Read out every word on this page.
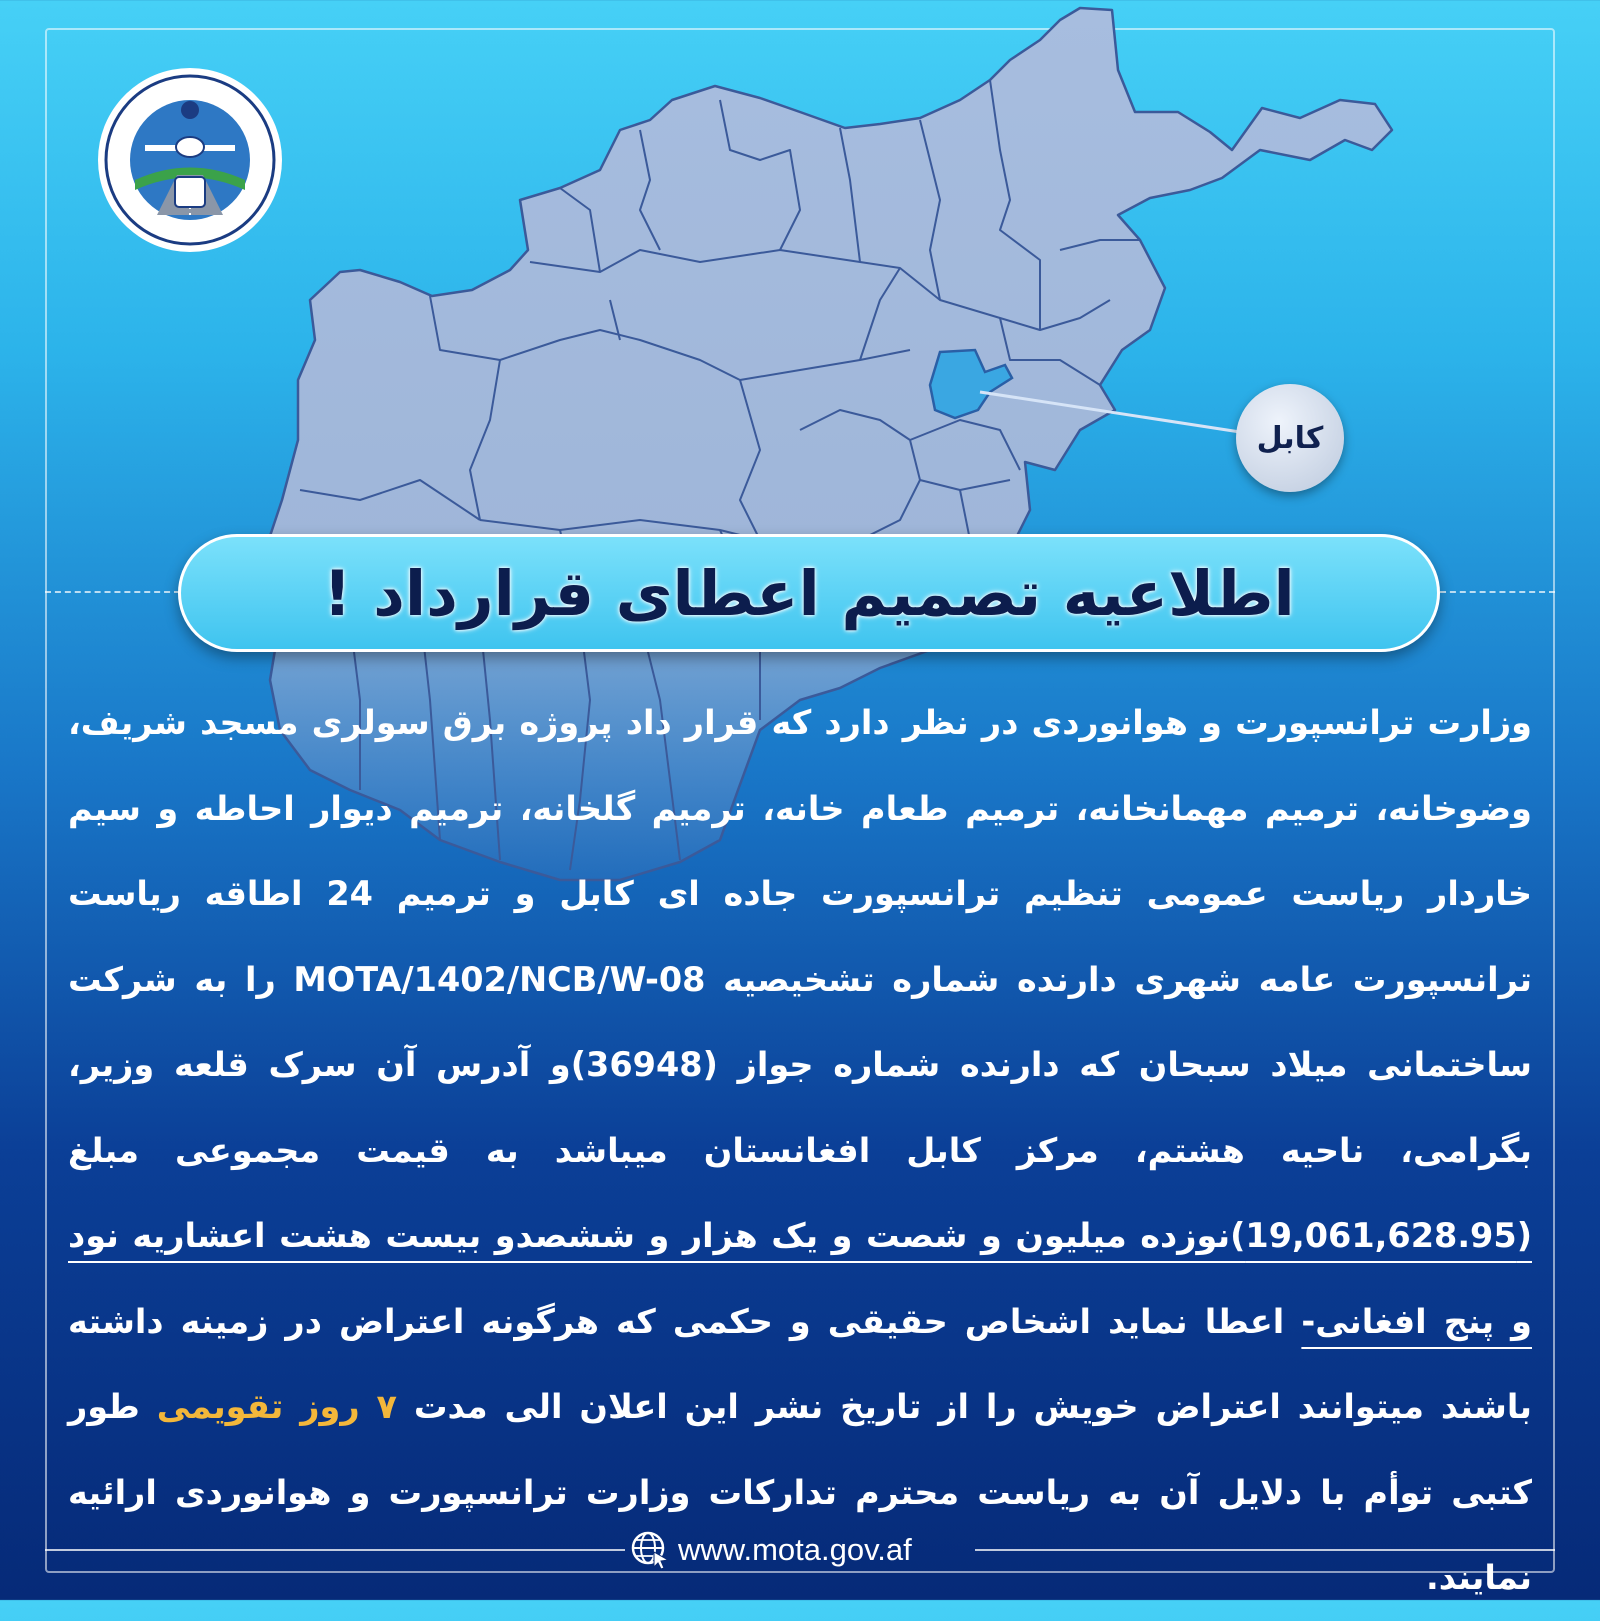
کابل
اطلاعیه تصمیم اعطای قرارداد !
وزارت ترانسپورت و هوانوردی در نظر دارد که قرار داد پروژه برق سولری مسجد شریف، وضوخانه، ترمیم مهمانخانه، ترمیم طعام خانه، ترمیم گلخانه، ترمیم دیوار احاطه و سیم خاردار ریاست عمومی تنظیم ترانسپورت جاده ای کابل و ترمیم 24 اطاقه ریاست ترانسپورت عامه شهری دارنده شماره تشخیصیه MOTA/1402/NCB/W-08 را به شرکت ساختمانی میلاد سبحان که دارنده شماره جواز (36948)و آدرس آن سرک قلعه وزیر، بگرامی، ناحیه هشتم، مرکز کابل افغانستان میباشد به قیمت مجموعی مبلغ (19,061,628.95)نوزده میلیون و شصت و یک هزار و ششصدو بیست هشت اعشاریه نود و پنج افغانی- اعطا نماید اشخاص حقیقی و حکمی که هرگونه اعتراض در زمینه داشته باشند میتوانند اعتراض خویش را از تاریخ نشر این اعلان الی مدت ۷ روز تقویمی طور کتبی توأم با دلایل آن به ریاست محترم تدارکات وزارت ترانسپورت و هوانوردی ارائیه نمایند.
www.mota.gov.af
